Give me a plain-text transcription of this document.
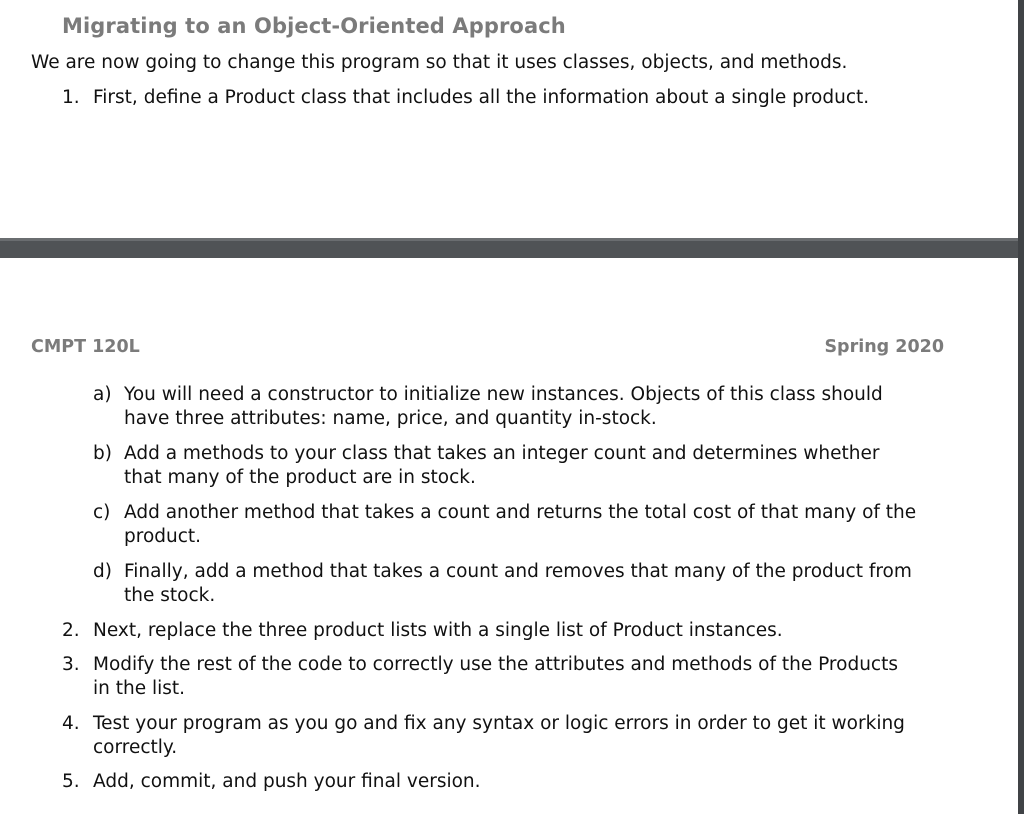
Migrating to an Object-Oriented Approach
We are now going to change this program so that it uses classes, objects, and methods.
1. First, define a Product class that includes all the information about a single product.
CMPT 120L	Spring 2020
a) You will need a constructor to initialize new instances. Objects of this class should
have three attributes: name, price, and quantity in-stock.
b) Add a methods to your class that takes an integer count and determines whether
that many of the product are in stock.
c) Add another method that takes a count and returns the total cost of that many of the
product.
d) Finally, add a method that takes a count and removes that many of the product from
the stock.
2. Next, replace the three product lists with a single list of Product instances.
3. Modify the rest of the code to correctly use the attributes and methods of the Products
in the list.
4. Test your program as you go and fix any syntax or logic errors in order to get it working
correctly.
5. Add, commit, and push your final version.
